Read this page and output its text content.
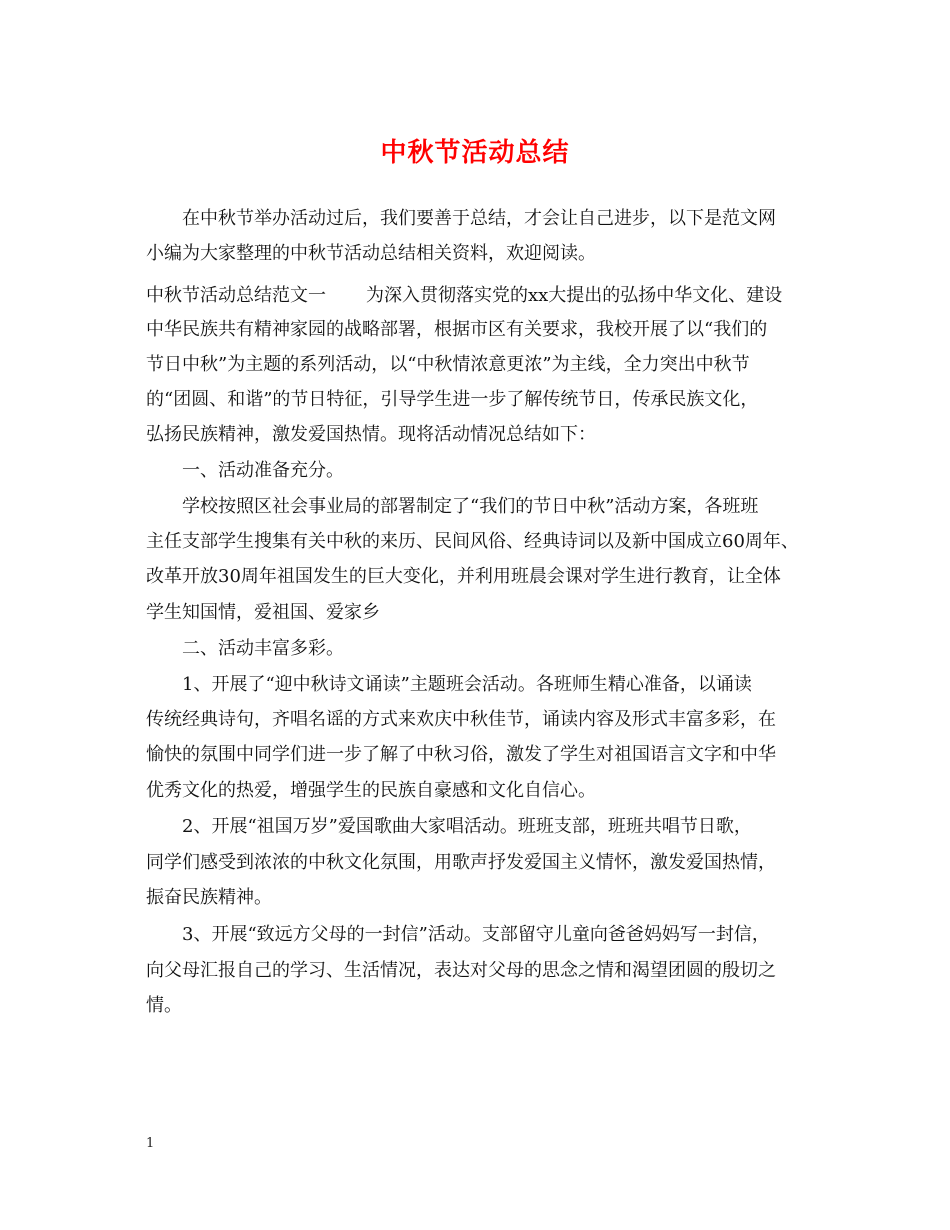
中秋节活动总结
在中秋节举办活动过后，我们要善于总结，才会让自己进步，以下是范文网
小编为大家整理的中秋节活动总结相关资料，欢迎阅读。
中秋节活动总结范文一 为深入贯彻落实党的xx大提出的弘扬中华文化、建设
中华民族共有精神家园的战略部署，根据市区有关要求，我校开展了以“我们的
节日中秋”为主题的系列活动，以“中秋情浓意更浓”为主线，全力突出中秋节
的“团圆、和谐”的节日特征，引导学生进一步了解传统节日，传承民族文化，
弘扬民族精神，激发爱国热情。现将活动情况总结如下：
一、活动准备充分。
学校按照区社会事业局的部署制定了“我们的节日中秋”活动方案，各班班
主任支部学生搜集有关中秋的来历、民间风俗、经典诗词以及新中国成立60周年、
改革开放30周年祖国发生的巨大变化，并利用班晨会课对学生进行教育，让全体
学生知国情，爱祖国、爱家乡
二、活动丰富多彩。
1、开展了“迎中秋诗文诵读”主题班会活动。各班师生精心准备，以诵读
传统经典诗句，齐唱名谣的方式来欢庆中秋佳节，诵读内容及形式丰富多彩，在
愉快的氛围中同学们进一步了解了中秋习俗，激发了学生对祖国语言文字和中华
优秀文化的热爱，增强学生的民族自豪感和文化自信心。
2、开展“祖国万岁”爱国歌曲大家唱活动。班班支部，班班共唱节日歌，
同学们感受到浓浓的中秋文化氛围，用歌声抒发爱国主义情怀，激发爱国热情，
振奋民族精神。
3、开展“致远方父母的一封信”活动。支部留守儿童向爸爸妈妈写一封信，
向父母汇报自己的学习、生活情况，表达对父母的思念之情和渴望团圆的殷切之
情。
1
